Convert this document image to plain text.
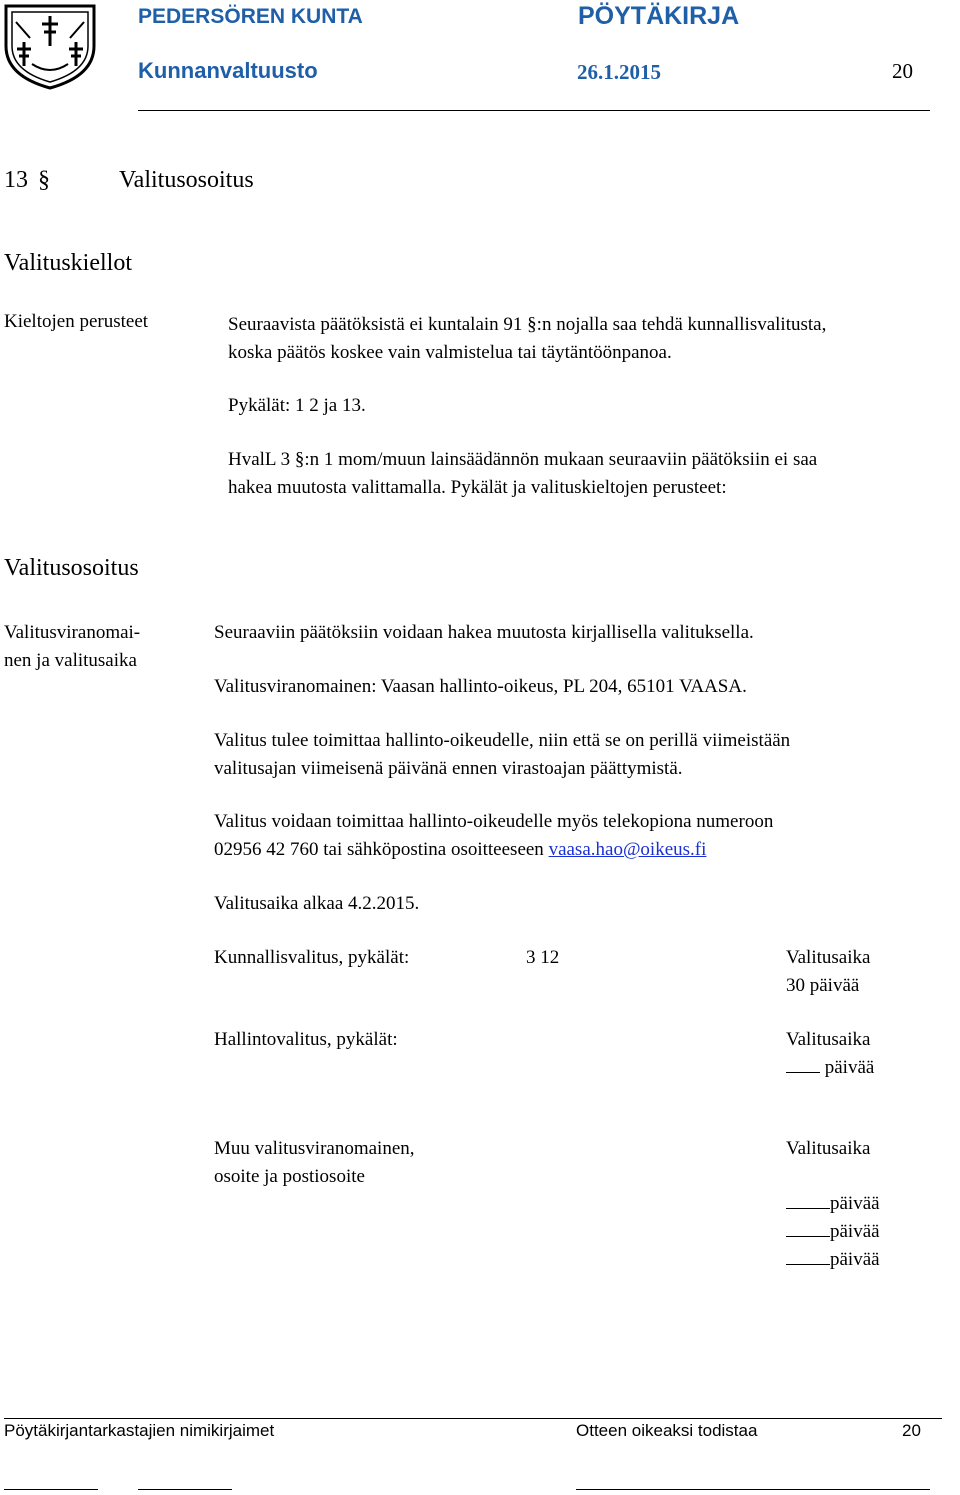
PEDERSÖREN KUNTA	PÖYTÄKIRJA
Kunnanvaltuusto	26.1.2015	20
13 §	Valitusosoitus
Valituskiellot
Kieltojen perusteet	Seuraavista päätöksistä ei kuntalain 91 §:n nojalla saa tehdä kunnallisvalitusta,
koska päätös koskee vain valmistelua tai täytäntöönpanoa.
Pykälät: 1 2 ja 13.
HvalL 3 §:n 1 mom/muun lainsäädännön mukaan seuraaviin päätöksiin ei saa
hakea muutosta valittamalla. Pykälät ja valituskieltojen perusteet:
Valitusosoitus
Valitusviranomai-
nen ja valitusaika
Seuraaviin päätöksiin voidaan hakea muutosta kirjallisella valituksella.
Valitusviranomainen: Vaasan hallinto-oikeus, PL 204, 65101 VAASA.
Valitus tulee toimittaa hallinto-oikeudelle, niin että se on perillä viimeistään
valitusajan viimeisenä päivänä ennen virastoajan päättymistä.
Valitus voidaan toimittaa hallinto-oikeudelle myös telekopiona numeroon
02956 42 760 tai sähköpostina osoitteeseen vaasa.hao@oikeus.fi
Valitusaika alkaa 4.2.2015.
Kunnallisvalitus, pykälät:	3 12	Valitusaika
30 päivää
Hallintovalitus, pykälät:	Valitusaika
päivää
Muu valitusviranomainen,
osoite ja postiosoite
Valitusaika
päivää
päivää
päivää
Pöytäkirjantarkastajien nimikirjaimet	Otteen oikeaksi todistaa	20
